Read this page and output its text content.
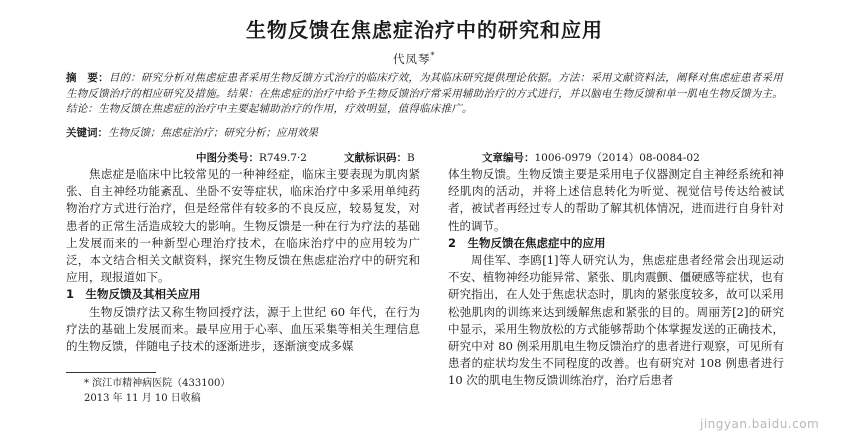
生物反馈在焦虑症治疗中的研究和应用
代凤琴*
摘　要：目的：研究分析对焦虑症患者采用生物反馈方式治疗的临床疗效，为其临床研究提供理论依据。方法：采用文献资料法，阐释对焦虑症患者采用生物反馈治疗的相应研究及措施。结果：在焦虑症的治疗中给予生物反馈治疗常采用辅助治疗的方式进行，并以脑电生物反馈和单一肌电生物反馈为主。结论：生物反馈在焦虑症的治疗中主要起辅助治疗的作用，疗效明显，值得临床推广。
关键词：生物反馈；焦虑症治疗；研究分析；应用效果
中图分类号：R749.7·2	文献标识码：B	文章编号：1006-0979（2014）08-0084-02

焦虑症是临床中比较常见的一种神经症，临床主要表现为肌肉紧张、自主神经功能紊乱、坐卧不安等症状，临床治疗中多采用单纯药物治疗方式进行治疗，但是经常伴有较多的不良反应，较易复发，对患者的正常生活造成较大的影响。生物反馈是一种在行为疗法的基础上发展而来的一种新型心理治疗技术，在临床治疗中的应用较为广泛，本文结合相关文献资料，探究生物反馈在焦虑症治疗中的研究和应用，现报道如下。

1　生物反馈及其相关应用

生物反馈疗法又称生物回授疗法，源于上世纪 60 年代，在行为疗法的基础上发展而来。最早应用于心率、血压采集等相关生理信息的生物反馈，伴随电子技术的逐渐进步，逐渐演变成多媒

体生物反馈。生物反馈主要是采用电子仪器测定自主神经系统和神经肌肉的活动，并将上述信息转化为听觉、视觉信号传达给被试者，被试者再经过专人的帮助了解其机体情况，进而进行自身针对性的调节。

2　生物反馈在焦虑症中的应用

周佳军、李鸥[1]等人研究认为，焦虑症患者经常会出现运动不安、植物神经功能异常、紧张、肌肉震颤、僵硬感等症状，也有研究指出，在人处于焦虑状态时，肌肉的紧张度较多，故可以采用松弛肌肉的训练来达到缓解焦虑和紧张的目的。周丽芳[2]的研究中显示，采用生物放松的方式能够帮助个体掌握发送的正确技术，研究中对 80 例采用肌电生物反馈治疗的患者进行观察，可见所有患者的症状均发生不同程度的改善。也有研究对 108 例患者进行 10 次的肌电生物反馈训练治疗，治疗后患者

* 滨江市精神病医院（433100）
2013 年 11 月 10 日收稿
jingyan.baidu.com
